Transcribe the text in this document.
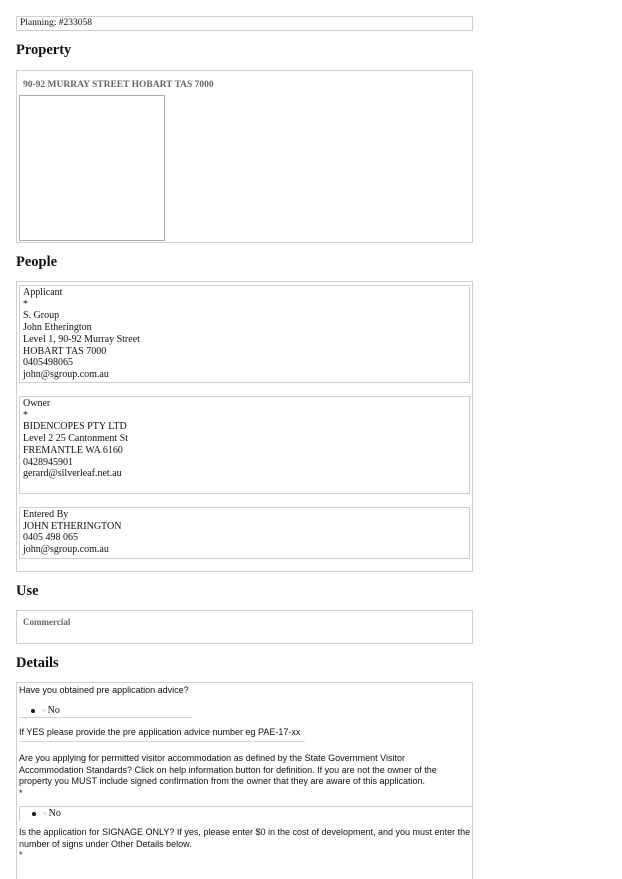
Planning: #233058
Property
90-92 MURRAY STREET HOBART TAS 7000
People
Applicant
*
S. Group
John Etherington
Level 1, 90-92 Murray Street
HOBART TAS 7000
0405498065
john@sgroup.com.au
Owner
*
BIDENCOPES PTY LTD
Level 2 25 Cantonment St
FREMANTLE WA 6160
0428945901
gerard@silverleaf.net.au
Entered By
JOHN ETHERINGTON
0405 498 065
john@sgroup.com.au
Use
Commercial
Details
Have you obtained pre application advice?
○ No
If YES please provide the pre application advice number eg PAE-17-xx
Are you applying for permitted visitor accommodation as defined by the State Government Visitor
Accommodation Standards? Click on help information button for definition. If you are not the owner of the
property you MUST include signed confirmation from the owner that they are aware of this application.
*
○ No
Is the application for SIGNAGE ONLY? If yes, please enter $0 in the cost of development, and you must enter the
number of signs under Other Details below.
*
